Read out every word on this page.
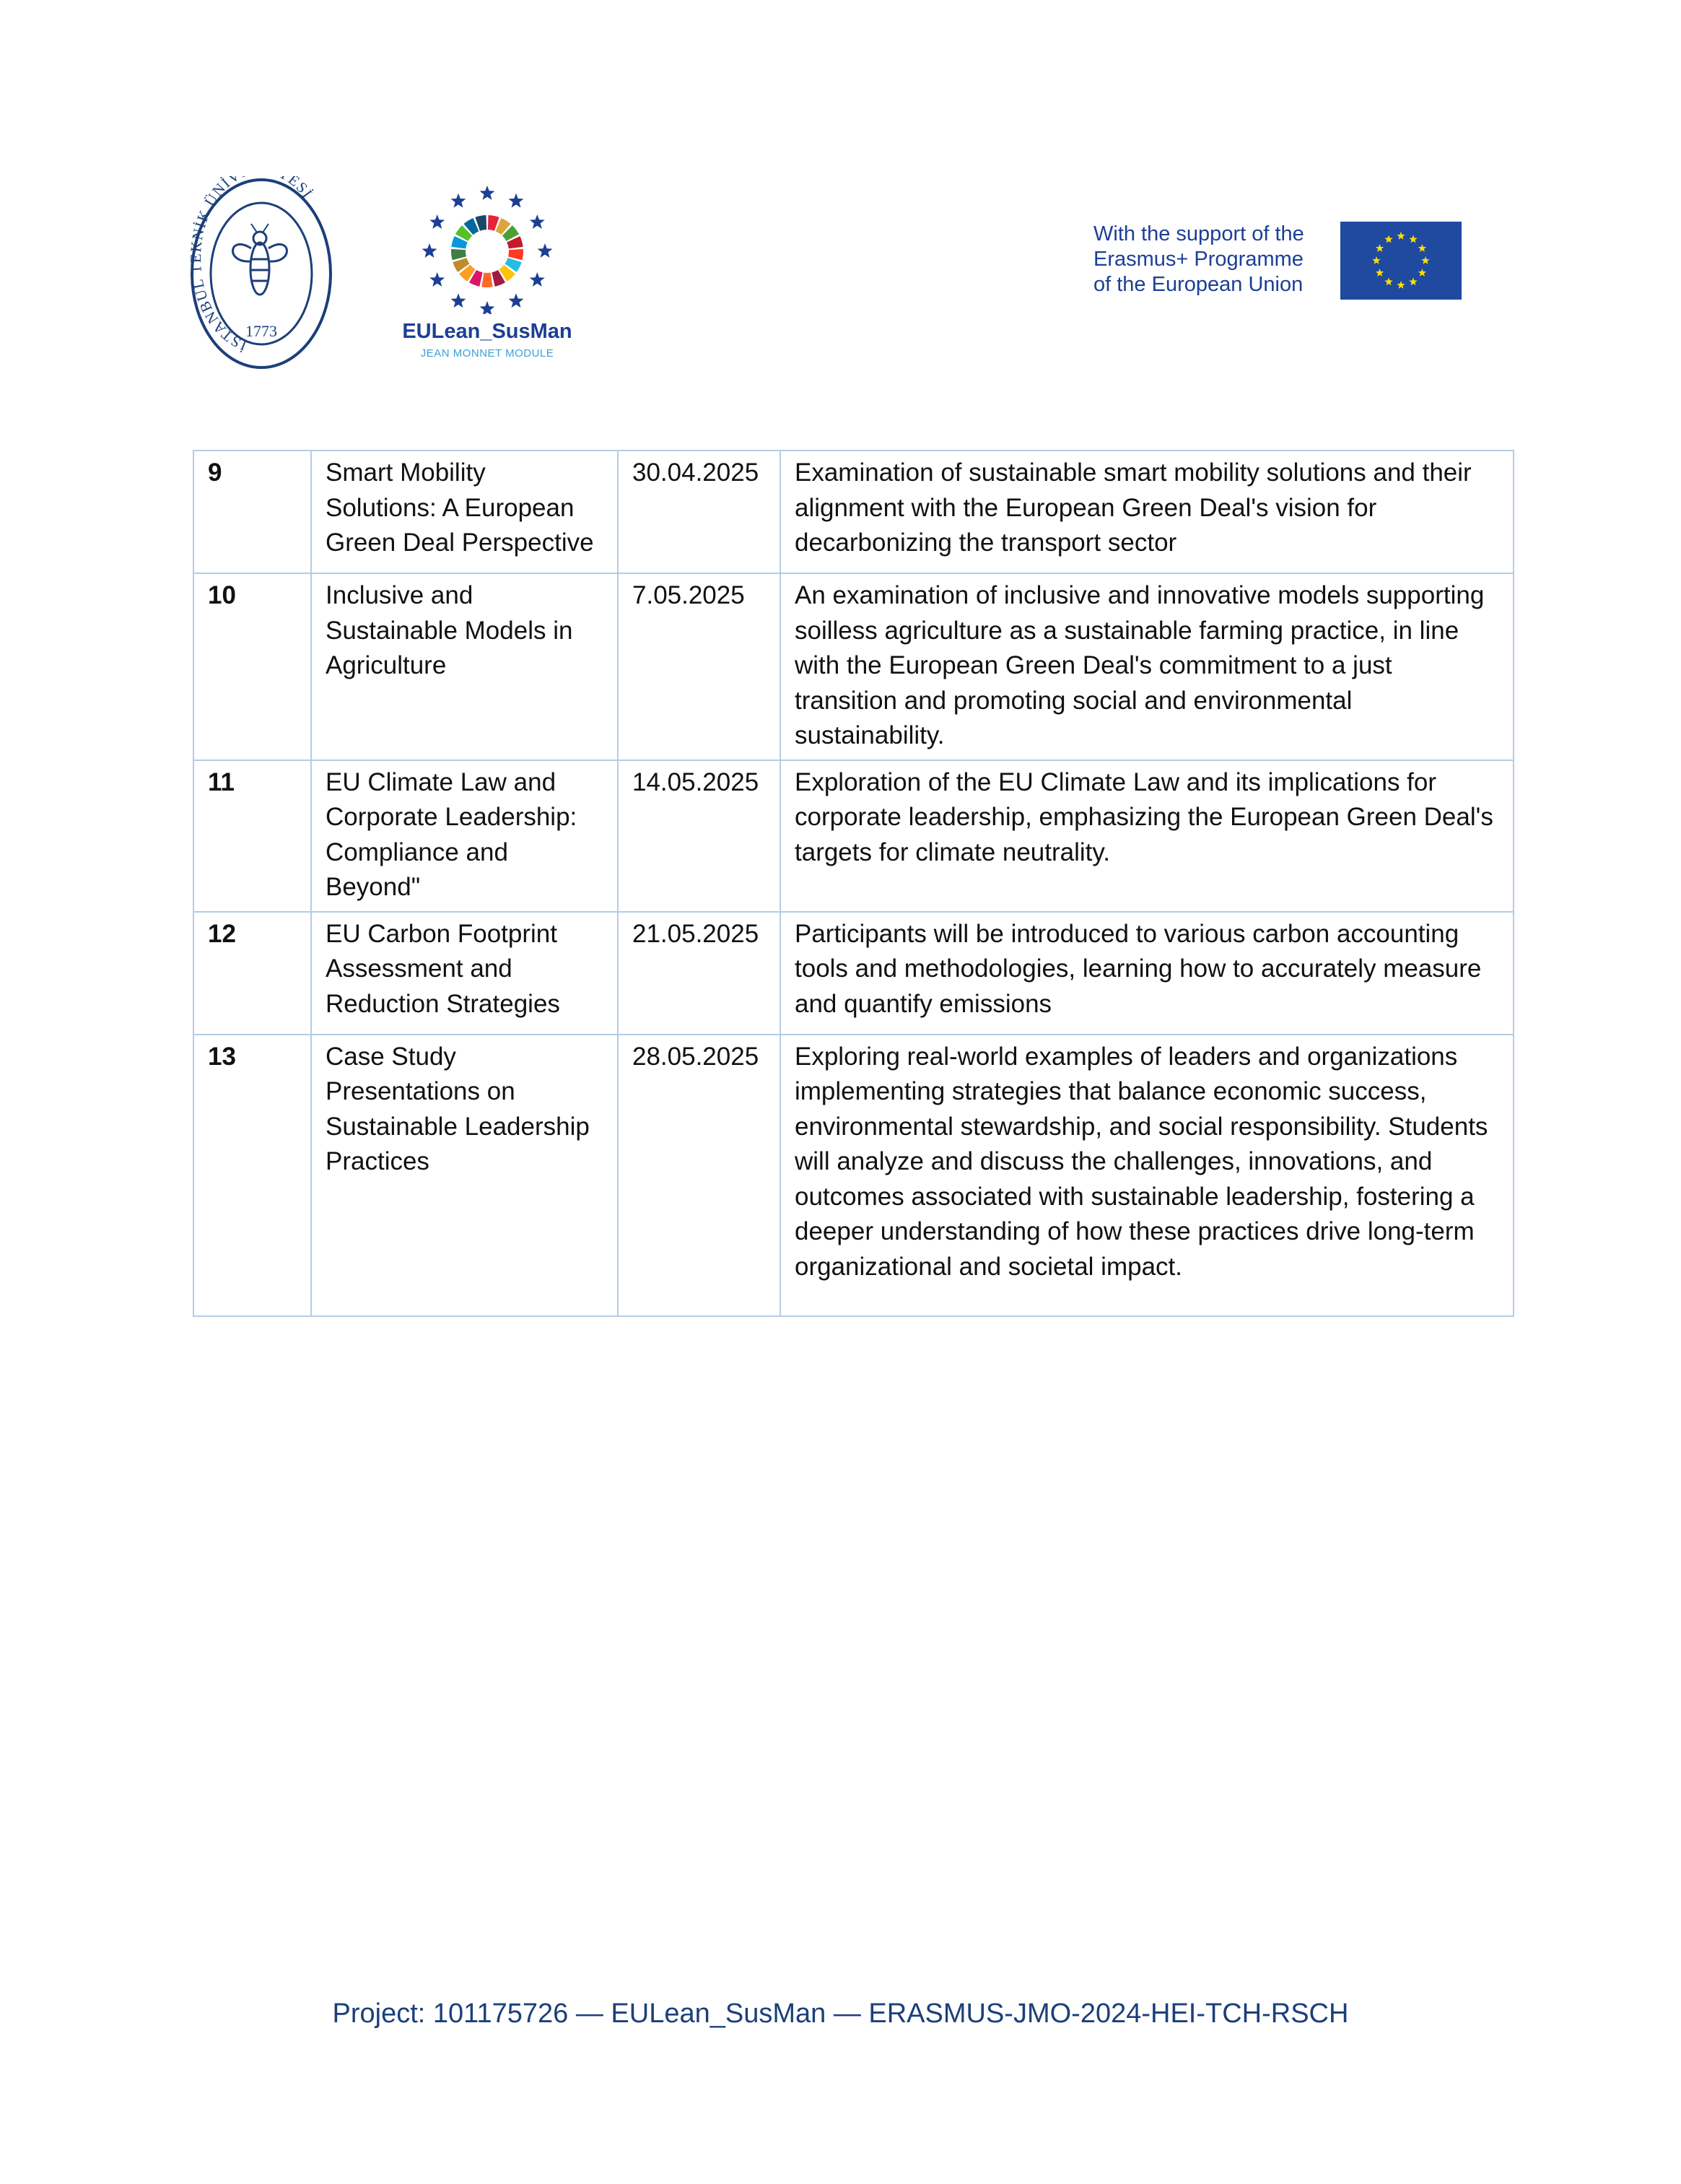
İSTANBUL NİK ÜNİV ESİ
1773	EULean_SusMan
JEAN MONNET MODULE
With the support of the
Erasmus+ Programme
of the European Union
9	Smart Mobility Solutions: A European Green Deal Perspective	30.04.2025	Examination of sustainable smart mobility solutions and their alignment with the European Green Deal's vision for decarbonizing the transport sector
10	Inclusive and Sustainable Models in Agriculture	7.05.2025	An examination of inclusive and innovative models supporting soilless agriculture as a sustainable farming practice, in line with the European Green Deal's commitment to a just transition and promoting social and environmental sustainability.
11	EU Climate Law and Corporate Leadership: Compliance and Beyond"	14.05.2025	Exploration of the EU Climate Law and its implications for corporate leadership, emphasizing the European Green Deal's targets for climate neutrality.
12	EU Carbon Footprint Assessment and Reduction Strategies	21.05.2025	Participants will be introduced to various carbon accounting tools and methodologies, learning how to accurately measure and quantify emissions
13	Case Study Presentations on Sustainable Leadership Practices	28.05.2025	Exploring real-world examples of leaders and organizations implementing strategies that balance economic success, environmental stewardship, and social responsibility. Students will analyze and discuss the challenges, innovations, and outcomes associated with sustainable leadership, fostering a deeper understanding of how these practices drive long-term organizational and societal impact.
Project: 101175726 — EULean_SusMan — ERASMUS-JMO-2024-HEI-TCH-RSCH
